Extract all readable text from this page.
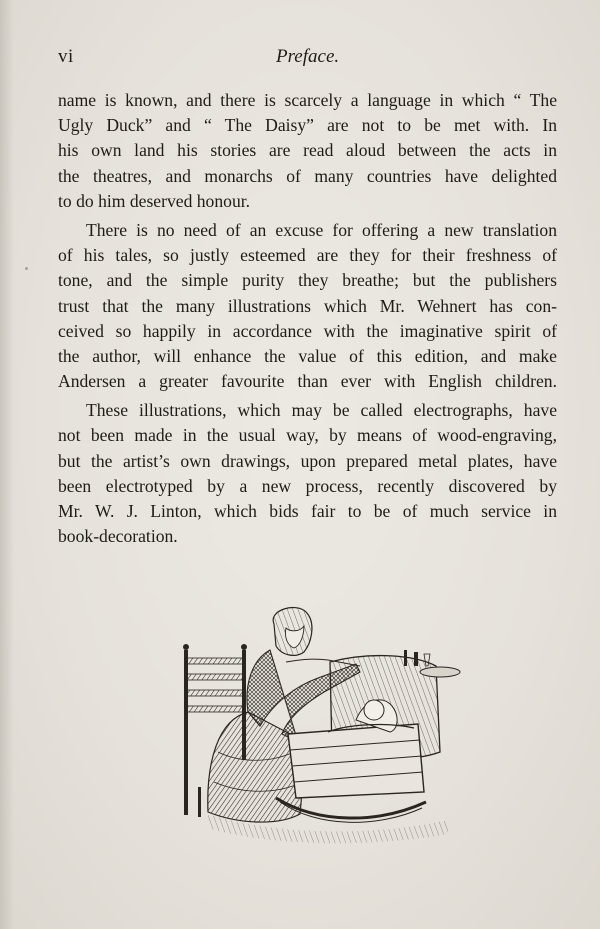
vi	Preface.
name is known, and there is scarcely a language in which “ The
Ugly Duck” and “ The Daisy” are not to be met with. In
his own land his stories are read aloud between the acts in
the theatres, and monarchs of many countries have delighted
to do him deserved honour.
There is no need of an excuse for offering a new translation
of his tales, so justly esteemed are they for their freshness of
tone, and the simple purity they breathe; but the publishers
trust that the many illustrations which Mr. Wehnert has con-
ceived so happily in accordance with the imaginative spirit of
the author, will enhance the value of this edition, and make
Andersen a greater favourite than ever with English children.
These illustrations, which may be called electrographs, have
not been made in the usual way, by means of wood-engraving,
but the artist’s own drawings, upon prepared metal plates, have
been electrotyped by a new process, recently discovered by
Mr. W. J. Linton, which bids fair to be of much service in
book-decoration.
